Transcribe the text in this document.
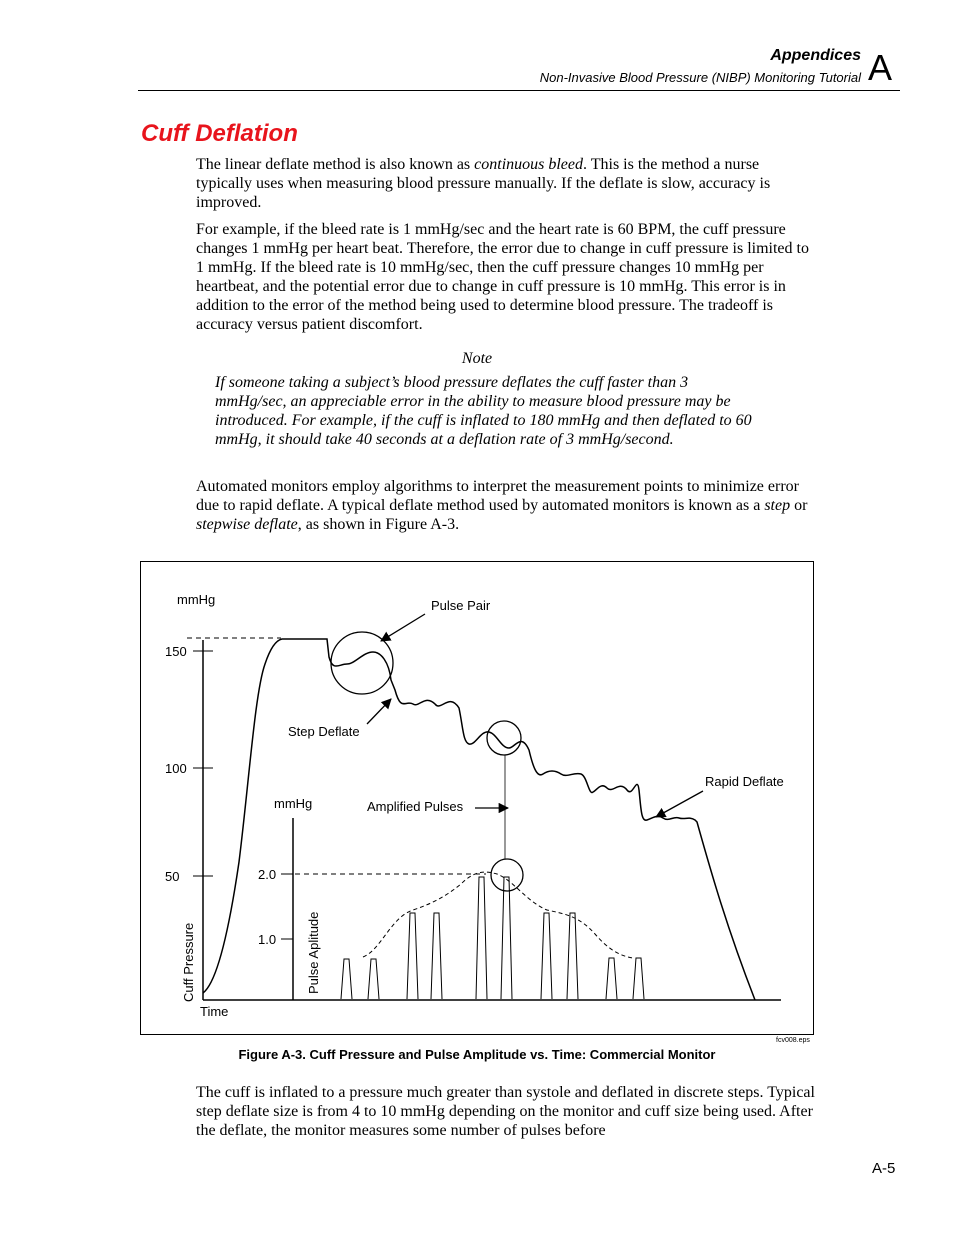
Appendices
Non-Invasive Blood Pressure (NIBP) Monitoring Tutorial A
Cuff Deflation

The linear deflate method is also known as continuous bleed. This is the method a nurse typically uses when measuring blood pressure manually. If the deflate is slow, accuracy is improved.

For example, if the bleed rate is 1 mmHg/sec and the heart rate is 60 BPM, the cuff pressure changes 1 mmHg per heart beat. Therefore, the error due to change in cuff pressure is limited to 1 mmHg. If the bleed rate is 10 mmHg/sec, then the cuff pressure changes 10 mmHg per heartbeat, and the potential error due to change in cuff pressure is 10 mmHg. This error is in addition to the error of the method being used to determine blood pressure. The tradeoff is accuracy versus patient discomfort.

Note
If someone taking a subject’s blood pressure deflates the cuff faster than 3 mmHg/sec, an appreciable error in the ability to measure blood pressure may be introduced. For example, if the cuff is inflated to 180 mmHg and then deflated to 60 mmHg, it should take 40 seconds at a deflation rate of 3 mmHg/second.

Automated monitors employ algorithms to interpret the measurement points to minimize error due to rapid deflate. A typical deflate method used by automated monitors is known as a step or stepwise deflate, as shown in Figure A-3.

150
100
50
mmHg
Time
Cuff Pressure
2.0
1.0
mmHg
Pulse Aplitude
Pulse Pair
Step Deflate
Amplified Pulses
Rapid Deflate
fcv008.eps
Figure A-3. Cuff Pressure and Pulse Amplitude vs. Time: Commercial Monitor

The cuff is inflated to a pressure much greater than systole and deflated in discrete steps. Typical step deflate size is from 4 to 10 mmHg depending on the monitor and cuff size being used. After the deflate, the monitor measures some number of pulses before

A-5
